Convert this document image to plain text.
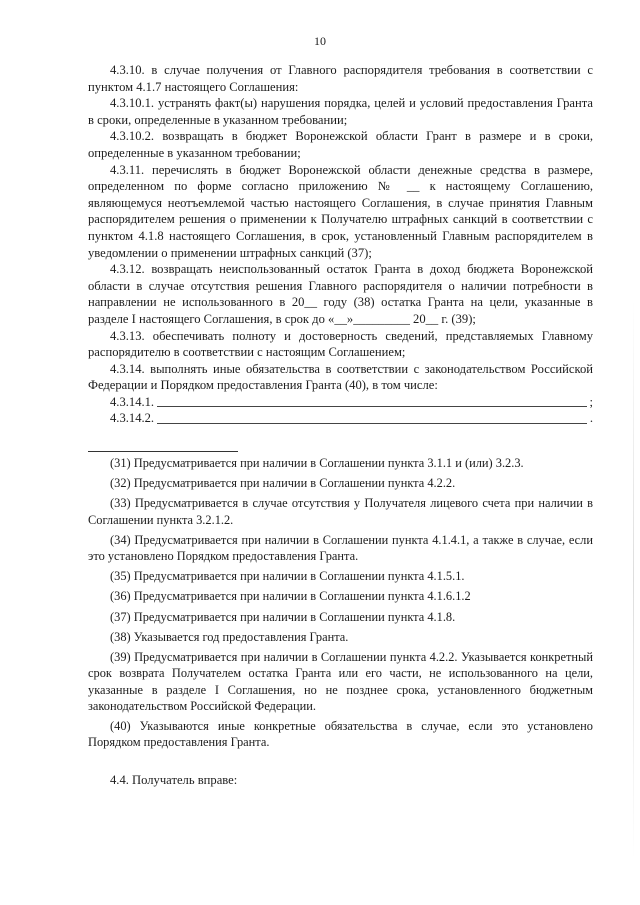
10

4.3.10. в случае получения от Главного распорядителя требования в соответствии с пунктом 4.1.7 настоящего Соглашения:

4.3.10.1. устранять факт(ы) нарушения порядка, целей и условий предоставления Гранта в сроки, определенные в указанном требовании;

4.3.10.2. возвращать в бюджет Воронежской области Грант в размере и в сроки, определенные в указанном требовании;

4.3.11. перечислять в бюджет Воронежской области денежные средства в размере, определенном по форме согласно приложению № __ к настоящему Соглашению, являющемуся неотъемлемой частью настоящего Соглашения, в случае принятия Главным распорядителем решения о применении к Получателю штрафных санкций в соответствии с пунктом 4.1.8 настоящего Соглашения, в срок, установленный Главным распорядителем в уведомлении о применении штрафных санкций (37);

4.3.12. возвращать неиспользованный остаток Гранта в доход бюджета Воронежской области в случае отсутствия решения Главного распорядителя о наличии потребности в направлении не использованного в 20__ году (38) остатка Гранта на цели, указанные в разделе I настоящего Соглашения, в срок до «__»_________ 20__ г. (39);

4.3.13. обеспечивать полноту и достоверность сведений, представляемых Главному распорядителю в соответствии с настоящим Соглашением;

4.3.14. выполнять иные обязательства в соответствии с законодательством Российской Федерации и Порядком предоставления Гранта (40), в том числе:

4.3.14.1.	;
4.3.14.2.	.

(31) Предусматривается при наличии в Соглашении пункта 3.1.1 и (или) 3.2.3.

(32) Предусматривается при наличии в Соглашении пункта 4.2.2.

(33) Предусматривается в случае отсутствия у Получателя лицевого счета при наличии в Соглашении пункта 3.2.1.2.

(34) Предусматривается при наличии в Соглашении пункта 4.1.4.1, а также в случае, если это установлено Порядком предоставления Гранта.

(35) Предусматривается при наличии в Соглашении пункта 4.1.5.1.

(36) Предусматривается при наличии в Соглашении пункта 4.1.6.1.2

(37) Предусматривается при наличии в Соглашении пункта 4.1.8.

(38) Указывается год предоставления Гранта.

(39) Предусматривается при наличии в Соглашении пункта 4.2.2. Указывается конкретный срок возврата Получателем остатка Гранта или его части, не использованного на цели, указанные в разделе I Соглашения, но не позднее срока, установленного бюджетным законодательством Российской Федерации.

(40) Указываются иные конкретные обязательства в случае, если это установлено Порядком предоставления Гранта.

4.4. Получатель вправе:
